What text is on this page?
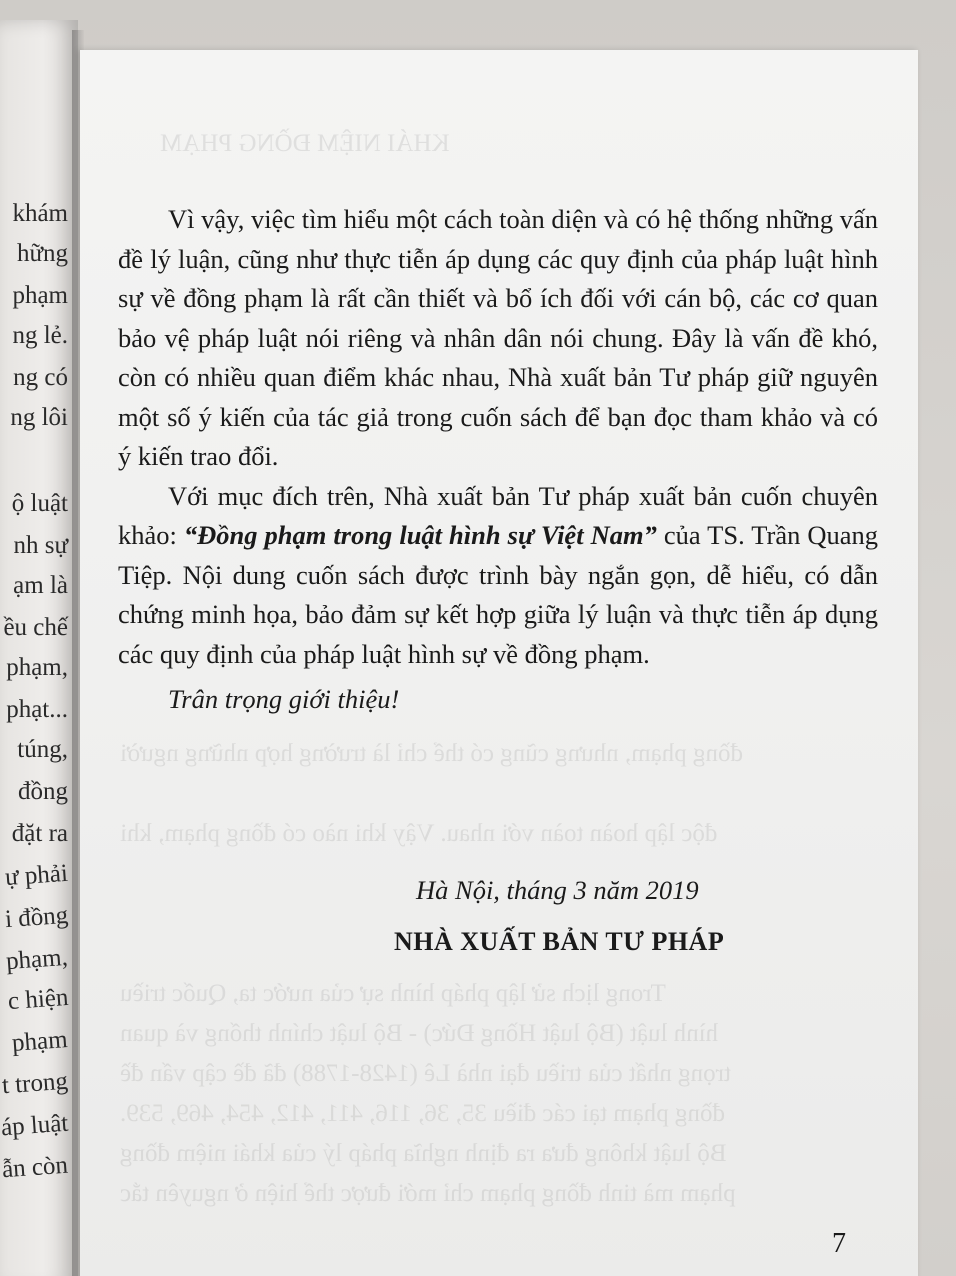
khám
hững
phạm
ng lẻ.
ng có
ng lôi
ộ luật
nh sự
ạm là
ều chế
phạm,
phạt...
túng,
đồng
đặt ra
ự phải
i đồng
phạm,
c hiện
phạm
t trong
áp luật
ẫn còn
KHÁI NIỆM ĐỒNG PHẠM
đồng phạm, nhưng cũng có thể chỉ là trường hợp những người
độc lập hoàn toàn với nhau. Vậy khi nào có đồng phạm, khi
Trong lịch sử lập pháp hình sự của nước ta, Quốc triều
hình luật (Bộ luật Hồng Đức) - Bộ luật chính thống và quan
trọng nhất của triều đại nhà Lê (1428-1788) đã đề cập vấn đề
đồng phạm tại các điều 35, 36, 116, 411, 412, 454, 469, 539.
Bộ luật không đưa ra định nghĩa pháp lý của khái niệm đồng
phạm mà tinh đồng phạm chỉ mới được thể hiện ở nguyên tắc

Vì vậy, việc tìm hiểu một cách toàn diện và có hệ thống những vấn đề lý luận, cũng như thực tiễn áp dụng các quy định của pháp luật hình sự về đồng phạm là rất cần thiết và bổ ích đối với cán bộ, các cơ quan bảo vệ pháp luật nói riêng và nhân dân nói chung. Đây là vấn đề khó, còn có nhiều quan điểm khác nhau, Nhà xuất bản Tư pháp giữ nguyên một số ý kiến của tác giả trong cuốn sách để bạn đọc tham khảo và có ý kiến trao đổi.

Với mục đích trên, Nhà xuất bản Tư pháp xuất bản cuốn chuyên khảo: “Đồng phạm trong luật hình sự Việt Nam” của TS. Trần Quang Tiệp. Nội dung cuốn sách được trình bày ngắn gọn, dễ hiểu, có dẫn chứng minh họa, bảo đảm sự kết hợp giữa lý luận và thực tiễn áp dụng các quy định của pháp luật hình sự về đồng phạm.

Trân trọng giới thiệu!

Hà Nội, tháng 3 năm 2019
NHÀ XUẤT BẢN TƯ PHÁP
7
